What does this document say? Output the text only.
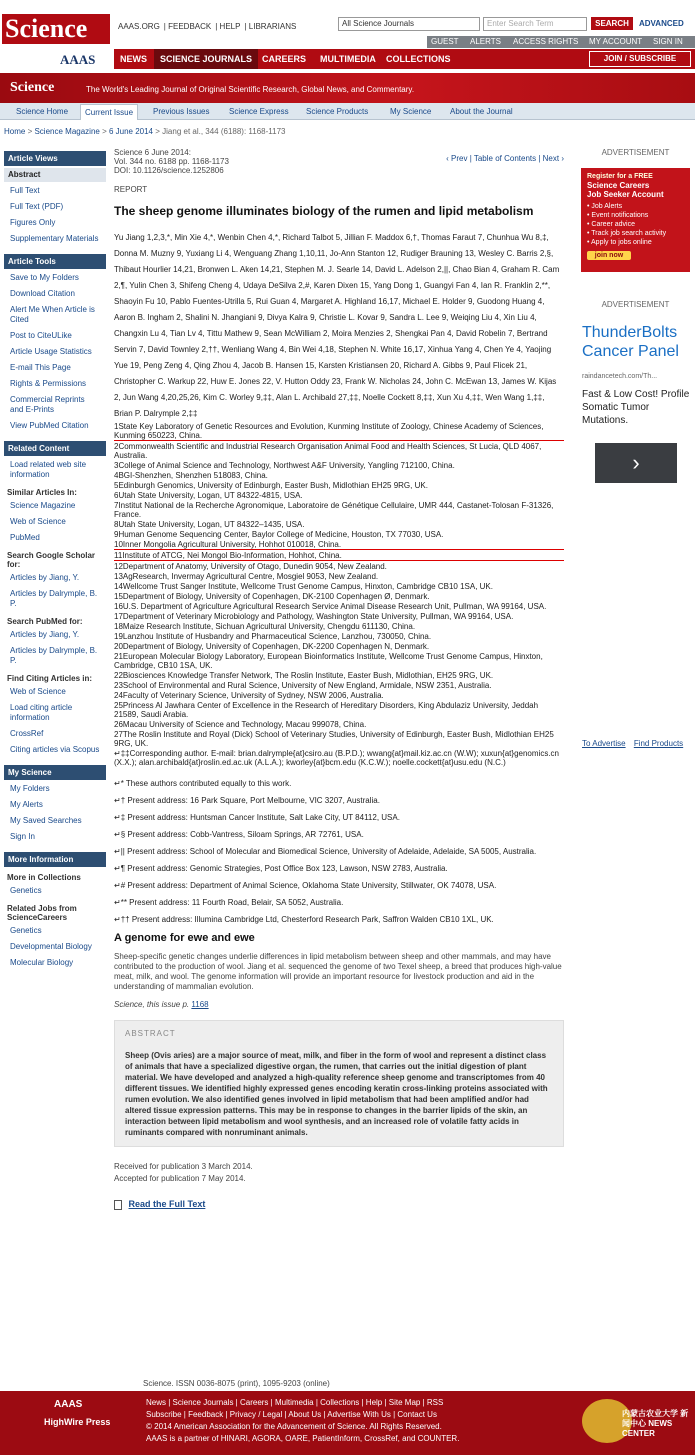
Science
AAAS
AAAS.ORG | FEEDBACK | HELP | LIBRARIANS	All Science Journals	Enter Search Term	SEARCH	ADVANCED
GUEST ALERTS ACCESS RIGHTS MY ACCOUNT SIGN IN
NEWS	SCIENCE JOURNALS	CAREERS MULTIMEDIA COLLECTIONS	JOIN / SUBSCRIBE
Science	The World's Leading Journal of Original Scientific Research, Global News, and Commentary.
Science Home	Current Issue	Previous Issues Science Express Science Products	My Science About the Journal
Home > Science Magazine > 6 June 2014 > Jiang et al., 344 (6188): 1168-1173
Article Views
Abstract
Full Text
Full Text (PDF)
Figures Only
Supplementary Materials
Article Tools
Save to My Folders
Download Citation
Alert Me When Article is Cited
Post to CiteULike
Article Usage Statistics
E-mail This Page
Rights & Permissions
Commercial Reprints and E-Prints
View PubMed Citation
Related Content
Load related web site information
Similar Articles In:
Science Magazine
Web of Science
PubMed
Search Google Scholar for:
Articles by Jiang, Y.
Articles by Dalrymple, B. P.
Search PubMed for:
Articles by Jiang, Y.
Articles by Dalrymple, B. P.
Find Citing Articles in:
Web of Science
Load citing article information
CrossRef
Citing articles via Scopus
My Science
My Folders
My Alerts
My Saved Searches
Sign In
More Information
More in Collections
Genetics
Related Jobs from ScienceCareers
Genetics
Developmental Biology
Molecular Biology
Science 6 June 2014:
Vol. 344 no. 6188 pp. 1168-1173
DOI: 10.1126/science.1252806
‹ Prev | Table of Contents | Next ›
REPORT
The sheep genome illuminates biology of the rumen and lipid metabolism
Yu Jiang 1,2,3,*, Min Xie 4,*, Wenbin Chen 4,*, Richard Talbot 5, Jillian F. Maddox 6,†, Thomas Faraut 7, Chunhua Wu 8,‡, Donna M. Muzny 9, Yuxiang Li 4, Wenguang Zhang 1,10,11, Jo-Ann Stanton 12, Rudiger Brauning 13, Wesley C. Barris 2,§, Thibaut Hourlier 14,21, Bronwen L. Aken 14,21, Stephen M. J. Searle 14, David L. Adelson 2,||, Chao Bian 4, Graham R. Cam 2,¶, Yulin Chen 3, Shifeng Cheng 4, Udaya DeSilva 2,#, Karen Dixen 15, Yang Dong 1, Guangyi Fan 4, Ian R. Franklin 2,**, Shaoyin Fu 10, Pablo Fuentes-Utrilla 5, Rui Guan 4, Margaret A. Highland 16,17, Michael E. Holder 9, Guodong Huang 4, Aaron B. Ingham 2, Shalini N. Jhangiani 9, Divya Kalra 9, Christie L. Kovar 9, Sandra L. Lee 9, Weiqing Liu 4, Xin Liu 4, Changxin Lu 4, Tian Lv 4, Tittu Mathew 9, Sean McWilliam 2, Moira Menzies 2, Shengkai Pan 4, David Robelin 7, Bertrand Servin 7, David Townley 2,††, Wenliang Wang 4, Bin Wei 4,18, Stephen N. White 16,17, Xinhua Yang 4, Chen Ye 4, Yaojing Yue 19, Peng Zeng 4, Qing Zhou 4, Jacob B. Hansen 15, Karsten Kristiansen 20, Richard A. Gibbs 9, Paul Flicek 21, Christopher C. Warkup 22, Huw E. Jones 22, V. Hutton Oddy 23, Frank W. Nicholas 24, John C. McEwan 13, James W. Kijas 2, Jun Wang 4,20,25,26, Kim C. Worley 9,‡‡, Alan L. Archibald 27,‡‡, Noelle Cockett 8,‡‡, Xun Xu 4,‡‡, Wen Wang 1,‡‡, Brian P. Dalrymple 2,‡‡
1State Key Laboratory of Genetic Resources and Evolution, Kunming Institute of Zoology, Chinese Academy of Sciences, Kunming 650223, China.
2Commonwealth Scientific and Industrial Research Organisation Animal Food and Health Sciences, St Lucia, QLD 4067, Australia.
3College of Animal Science and Technology, Northwest A&F University, Yangling 712100, China.
4BGI-Shenzhen, Shenzhen 518083, China.
5Edinburgh Genomics, University of Edinburgh, Easter Bush, Midlothian EH25 9RG, UK.
6Utah State University, Logan, UT 84322-4815, USA.
7Institut National de la Recherche Agronomique, Laboratoire de Génétique Cellulaire, UMR 444, Castanet-Tolosan F-31326, France.
8Utah State University, Logan, UT 84322–1435, USA.
9Human Genome Sequencing Center, Baylor College of Medicine, Houston, TX 77030, USA.
10Inner Mongolia Agricultural University, Hohhot 010018, China.
11Institute of ATCG, Nei Mongol Bio-Information, Hohhot, China.
12Department of Anatomy, University of Otago, Dunedin 9054, New Zealand.
13AgResearch, Invermay Agricultural Centre, Mosgiel 9053, New Zealand.
14Wellcome Trust Sanger Institute, Wellcome Trust Genome Campus, Hinxton, Cambridge CB10 1SA, UK.
15Department of Biology, University of Copenhagen, DK-2100 Copenhagen Ø, Denmark.
16U.S. Department of Agriculture Agricultural Research Service Animal Disease Research Unit, Pullman, WA 99164, USA.
17Department of Veterinary Microbiology and Pathology, Washington State University, Pullman, WA 99164, USA.
18Maize Research Institute, Sichuan Agricultural University, Chengdu 611130, China.
19Lanzhou Institute of Husbandry and Pharmaceutical Science, Lanzhou, 730050, China.
20Department of Biology, University of Copenhagen, DK-2200 Copenhagen N, Denmark.
21European Molecular Biology Laboratory, European Bioinformatics Institute, Wellcome Trust Genome Campus, Hinxton, Cambridge, CB10 1SA, UK.
22Biosciences Knowledge Transfer Network, The Roslin Institute, Easter Bush, Midlothian, EH25 9RG, UK.
23School of Environmental and Rural Science, University of New England, Armidale, NSW 2351, Australia.
24Faculty of Veterinary Science, University of Sydney, NSW 2006, Australia.
25Princess Al Jawhara Center of Excellence in the Research of Hereditary Disorders, King Abdulaziz University, Jeddah 21589, Saudi Arabia.
26Macau University of Science and Technology, Macau 999078, China.
27The Roslin Institute and Royal (Dick) School of Veterinary Studies, University of Edinburgh, Easter Bush, Midlothian EH25 9RG, UK.
↵‡‡Corresponding author. E-mail: brian.dalrymple{at}csiro.au (B.P.D.); wwang{at}mail.kiz.ac.cn (W.W); xuxun{at}genomics.cn (X.X.); alan.archibald{at}roslin.ed.ac.uk (A.L.A.); kworley{at}bcm.edu (K.C.W.); noelle.cockett{at}usu.edu (N.C.)
↵* These authors contributed equally to this work.
↵† Present address: 16 Park Square, Port Melbourne, VIC 3207, Australia.
↵‡ Present address: Huntsman Cancer Institute, Salt Lake City, UT 84112, USA.
↵§ Present address: Cobb-Vantress, Siloam Springs, AR 72761, USA.
↵|| Present address: School of Molecular and Biomedical Science, University of Adelaide, Adelaide, SA 5005, Australia.
↵¶ Present address: Genomic Strategies, Post Office Box 123, Lawson, NSW 2783, Australia.
↵# Present address: Department of Animal Science, Oklahoma State University, Stillwater, OK 74078, USA.
↵** Present address: 11 Fourth Road, Belair, SA 5052, Australia.
↵†† Present address: Illumina Cambridge Ltd, Chesterford Research Park, Saffron Walden CB10 1XL, UK.
A genome for ewe and ewe
Sheep-specific genetic changes underlie differences in lipid metabolism between sheep and other mammals, and may have contributed to the production of wool. Jiang et al. sequenced the genome of two Texel sheep, a breed that produces high-value meat, milk, and wool. The genome information will provide an important resource for livestock production and aid in the understanding of mammalian evolution.
Science, this issue p. 1168
ABSTRACT
Sheep (Ovis aries) are a major source of meat, milk, and fiber in the form of wool and represent a distinct class of animals that have a specialized digestive organ, the rumen, that carries out the initial digestion of plant material. We have developed and analyzed a high-quality reference sheep genome and transcriptomes from 40 different tissues. We identified highly expressed genes encoding keratin cross-linking proteins associated with rumen evolution. We also identified genes involved in lipid metabolism that had been amplified and/or had altered tissue expression patterns. This may be in response to changes in the barrier lipids of the skin, an interaction between lipid metabolism and wool synthesis, and an increased role of volatile fatty acids in ruminants compared with nonruminant animals.
Received for publication 3 March 2014.
Accepted for publication 7 May 2014.
Read the Full Text
ADVERTISEMENT
Register for a FREE
Science Careers
Job Seeker Account
• Job Alerts
• Event notifications
• Career advice
• Track job search activity
• Apply to jobs online
join now
ADVERTISEMENT
ThunderBolts Cancer Panel
raindancetech.com/Th...
Fast & Low Cost! Profile Somatic Tumor Mutations.
›
To Advertise Find Products
Science. ISSN 0036-8075 (print), 1095-9203 (online)
AAAS
HighWire Press
News | Science Journals | Careers | Multimedia | Collections | Help | Site Map | RSS
Subscribe | Feedback | Privacy / Legal | About Us | Advertise With Us | Contact Us
© 2014 American Association for the Advancement of Science. All Rights Reserved.
AAAS is a partner of HINARI, AGORA, OARE, PatientInform, CrossRef, and COUNTER.
内蒙古农业大学 新闻中心 NEWS CENTER
